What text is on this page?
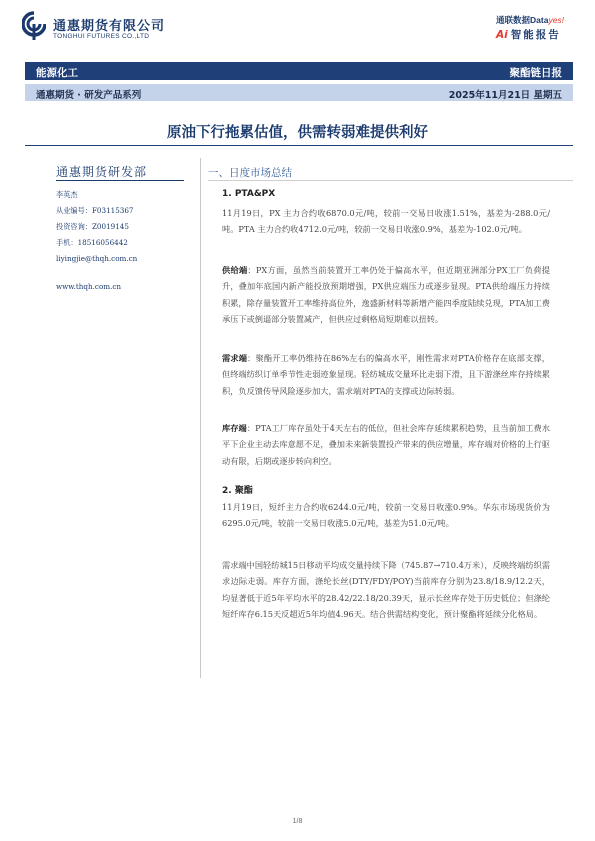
通惠期货有限公司
TONGHUI FUTURES CO.,LTD
通联数据Datayes!
Ai 智能报告
能源化工	聚酯链日报
通惠期货 · 研发产品系列	2025年11月21日 星期五
原油下行拖累估值，供需转弱难提供利好
通惠期货研发部
李英杰
从业编号：F03115367
投资咨询：Z0019145
手机：18516056442
liyingjie@thqh.com.cn
www.thqh.com.cn
一、日度市场总结
1. PTA&PX

11月19日，PX 主力合约收6870.0元/吨，较前一交易日收涨1.51%，基差为-288.0元/吨。PTA 主力合约收4712.0元/吨，较前一交易日收涨0.9%，基差为-102.0元/吨。

供给端：PX方面，虽然当前装置开工率仍处于偏高水平，但近期亚洲部分PX工厂负荷提升，叠加年底国内新产能投放预期增强，PX供应端压力或逐步显现。PTA供给端压力持续积累，除存量装置开工率维持高位外，逸盛新材料等新增产能四季度陆续兑现，PTA加工费承压下或倒逼部分装置减产，但供应过剩格局短期难以扭转。

需求端：聚酯开工率仍维持在86%左右的偏高水平，刚性需求对PTA价格存在底部支撑，但终端纺织订单季节性走弱迹象显现。轻纺城成交量环比走弱下滑，且下游涤丝库存持续累积，负反馈传导风险逐步加大，需求端对PTA的支撑或边际转弱。

库存端：PTA工厂库存虽处于4天左右的低位，但社会库存延续累积趋势，且当前加工费水平下企业主动去库意愿不足，叠加未来新装置投产带来的供应增量，库存端对价格的上行驱动有限，后期或逐步转向利空。

2. 聚酯

11月19日，短纤主力合约收6244.0元/吨，较前一交易日收涨0.9%。华东市场现货价为6295.0元/吨，较前一交易日收涨5.0元/吨，基差为51.0元/吨。

需求端中国轻纺城15日移动平均成交量持续下降（745.87→710.4万米），反映终端纺织需求边际走弱。库存方面，涤纶长丝(DTY/FDY/POY)当前库存分别为23.8/18.9/12.2天，均显著低于近5年平均水平的28.42/22.18/20.39天，显示长丝库存处于历史低位；但涤纶短纤库存6.15天反超近5年均值4.96天。结合供需结构变化，预计聚酯将延续分化格局。

1/8
